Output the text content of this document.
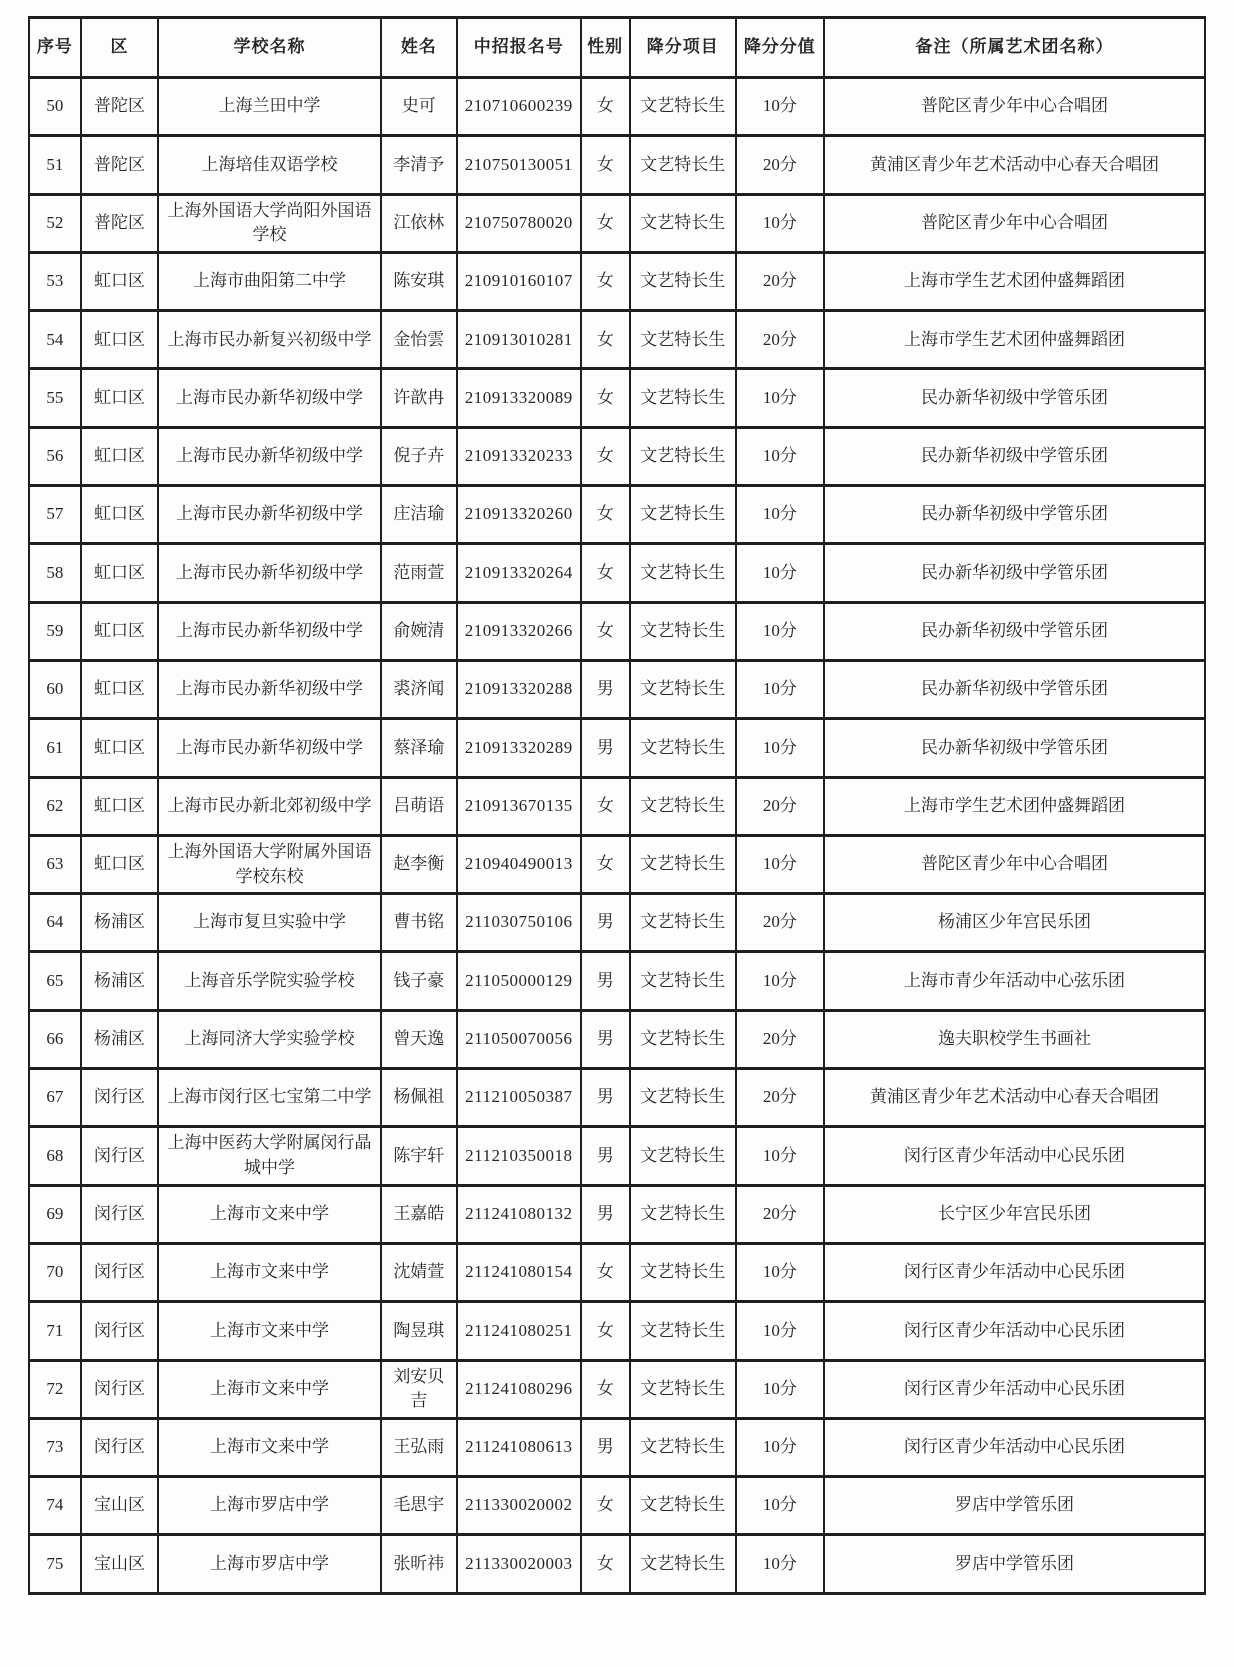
序号	区	学校名称	姓名	中招报名号	性别	降分项目	降分分值	备注（所属艺术团名称）
50	普陀区	上海兰田中学	史可	210710600239	女	文艺特长生	10分	普陀区青少年中心合唱团
51	普陀区	上海培佳双语学校	李清予	210750130051	女	文艺特长生	20分	黄浦区青少年艺术活动中心春天合唱团
52	普陀区	上海外国语大学尚阳外国语学校	江依林	210750780020	女	文艺特长生	10分	普陀区青少年中心合唱团
53	虹口区	上海市曲阳第二中学	陈安琪	210910160107	女	文艺特长生	20分	上海市学生艺术团仲盛舞蹈团
54	虹口区	上海市民办新复兴初级中学	金怡雲	210913010281	女	文艺特长生	20分	上海市学生艺术团仲盛舞蹈团
55	虹口区	上海市民办新华初级中学	许歆冉	210913320089	女	文艺特长生	10分	民办新华初级中学管乐团
56	虹口区	上海市民办新华初级中学	倪子卉	210913320233	女	文艺特长生	10分	民办新华初级中学管乐团
57	虹口区	上海市民办新华初级中学	庄洁瑜	210913320260	女	文艺特长生	10分	民办新华初级中学管乐团
58	虹口区	上海市民办新华初级中学	范雨萱	210913320264	女	文艺特长生	10分	民办新华初级中学管乐团
59	虹口区	上海市民办新华初级中学	俞婉清	210913320266	女	文艺特长生	10分	民办新华初级中学管乐团
60	虹口区	上海市民办新华初级中学	裘济闻	210913320288	男	文艺特长生	10分	民办新华初级中学管乐团
61	虹口区	上海市民办新华初级中学	蔡泽瑜	210913320289	男	文艺特长生	10分	民办新华初级中学管乐团
62	虹口区	上海市民办新北郊初级中学	吕萌语	210913670135	女	文艺特长生	20分	上海市学生艺术团仲盛舞蹈团
63	虹口区	上海外国语大学附属外国语学校东校	赵李衡	210940490013	女	文艺特长生	10分	普陀区青少年中心合唱团
64	杨浦区	上海市复旦实验中学	曹书铭	211030750106	男	文艺特长生	20分	杨浦区少年宫民乐团
65	杨浦区	上海音乐学院实验学校	钱子豪	211050000129	男	文艺特长生	10分	上海市青少年活动中心弦乐团
66	杨浦区	上海同济大学实验学校	曾天逸	211050070056	男	文艺特长生	20分	逸夫职校学生书画社
67	闵行区	上海市闵行区七宝第二中学	杨佩祖	211210050387	男	文艺特长生	20分	黄浦区青少年艺术活动中心春天合唱团
68	闵行区	上海中医药大学附属闵行晶城中学	陈宇轩	211210350018	男	文艺特长生	10分	闵行区青少年活动中心民乐团
69	闵行区	上海市文来中学	王嘉皓	211241080132	男	文艺特长生	20分	长宁区少年宫民乐团
70	闵行区	上海市文来中学	沈婧萱	211241080154	女	文艺特长生	10分	闵行区青少年活动中心民乐团
71	闵行区	上海市文来中学	陶昱琪	211241080251	女	文艺特长生	10分	闵行区青少年活动中心民乐团
72	闵行区	上海市文来中学	刘安贝吉	211241080296	女	文艺特长生	10分	闵行区青少年活动中心民乐团
73	闵行区	上海市文来中学	王弘雨	211241080613	男	文艺特长生	10分	闵行区青少年活动中心民乐团
74	宝山区	上海市罗店中学	毛思宇	211330020002	女	文艺特长生	10分	罗店中学管乐团
75	宝山区	上海市罗店中学	张昕祎	211330020003	女	文艺特长生	10分	罗店中学管乐团
